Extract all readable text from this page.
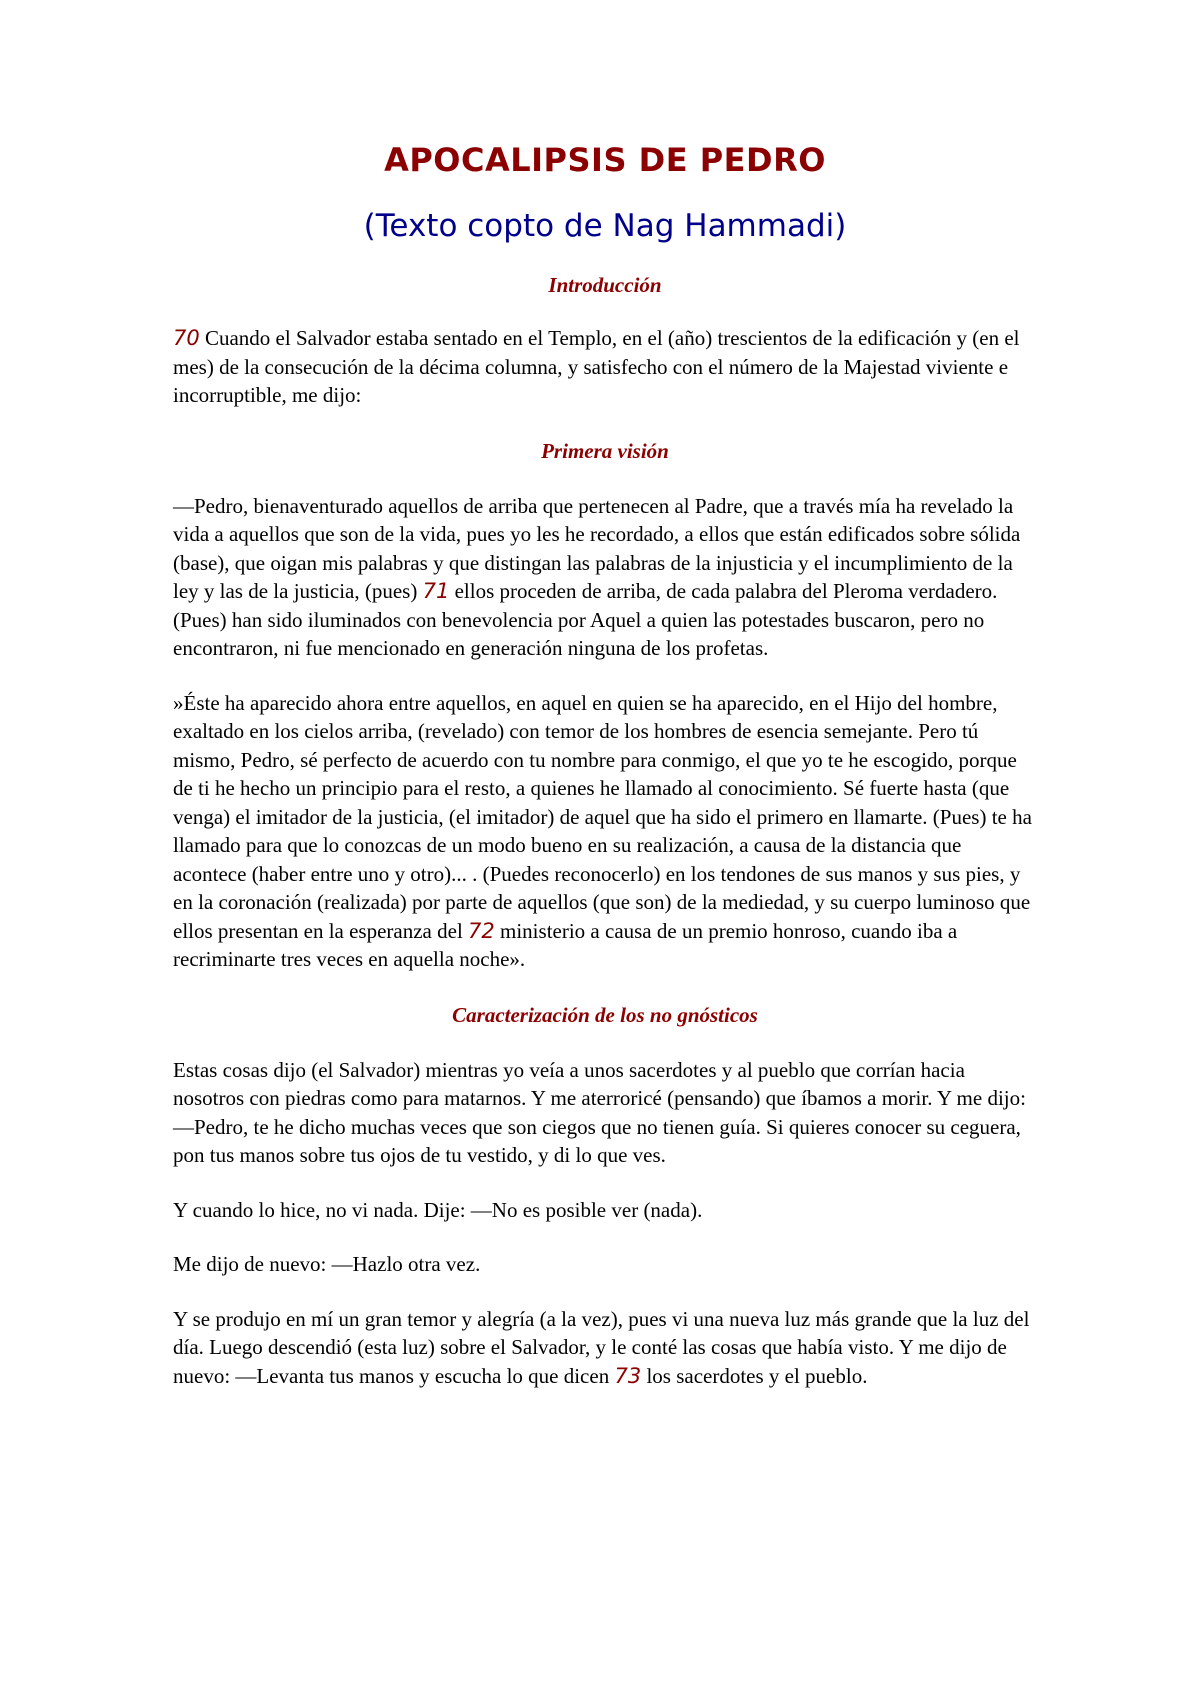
APOCALIPSIS DE PEDRO
(Texto copto de Nag Hammadi)
Introducción

70 Cuando el Salvador estaba sentado en el Templo, en el (año) trescientos de la edificación y (en el mes) de la consecución de la décima columna, y satisfecho con el número de la Majestad viviente e incorruptible, me dijo:

Primera visión

—Pedro, bienaventurado aquellos de arriba que pertenecen al Padre, que a través mía ha revelado la vida a aquellos que son de la vida, pues yo les he recordado, a ellos que están edificados sobre sólida (base), que oigan mis palabras y que distingan las palabras de la injusticia y el incumplimiento de la ley y las de la justicia, (pues) 71 ellos proceden de arriba, de cada palabra del Pleroma verdadero. (Pues) han sido iluminados con benevolencia por Aquel a quien las potestades buscaron, pero no encontraron, ni fue mencionado en generación ninguna de los profetas.

»Éste ha aparecido ahora entre aquellos, en aquel en quien se ha aparecido, en el Hijo del hombre, exaltado en los cielos arriba, (revelado) con temor de los hombres de esencia semejante. Pero tú mismo, Pedro, sé perfecto de acuerdo con tu nombre para conmigo, el que yo te he escogido, porque de ti he hecho un principio para el resto, a quienes he llamado al conocimiento. Sé fuerte hasta (que venga) el imitador de la justicia, (el imitador) de aquel que ha sido el primero en llamarte. (Pues) te ha llamado para que lo conozcas de un modo bueno en su realización, a causa de la distancia que acontece (haber entre uno y otro)... . (Puedes reconocerlo) en los tendones de sus manos y sus pies, y en la coronación (realizada) por parte de aquellos (que son) de la mediedad, y su cuerpo luminoso que ellos presentan en la esperanza del 72 ministerio a causa de un premio honroso, cuando iba a recriminarte tres veces en aquella noche».

Caracterización de los no gnósticos

Estas cosas dijo (el Salvador) mientras yo veía a unos sacerdotes y al pueblo que corrían hacia nosotros con piedras como para matarnos. Y me aterroricé (pensando) que íbamos a morir. Y me dijo: —Pedro, te he dicho muchas veces que son ciegos que no tienen guía. Si quieres conocer su ceguera, pon tus manos sobre tus ojos de tu vestido, y di lo que ves.

Y cuando lo hice, no vi nada. Dije: —No es posible ver (nada).

Me dijo de nuevo: —Hazlo otra vez.

Y se produjo en mí un gran temor y alegría (a la vez), pues vi una nueva luz más grande que la luz del día. Luego descendió (esta luz) sobre el Salvador, y le conté las cosas que había visto. Y me dijo de nuevo: —Levanta tus manos y escucha lo que dicen 73 los sacerdotes y el pueblo.
